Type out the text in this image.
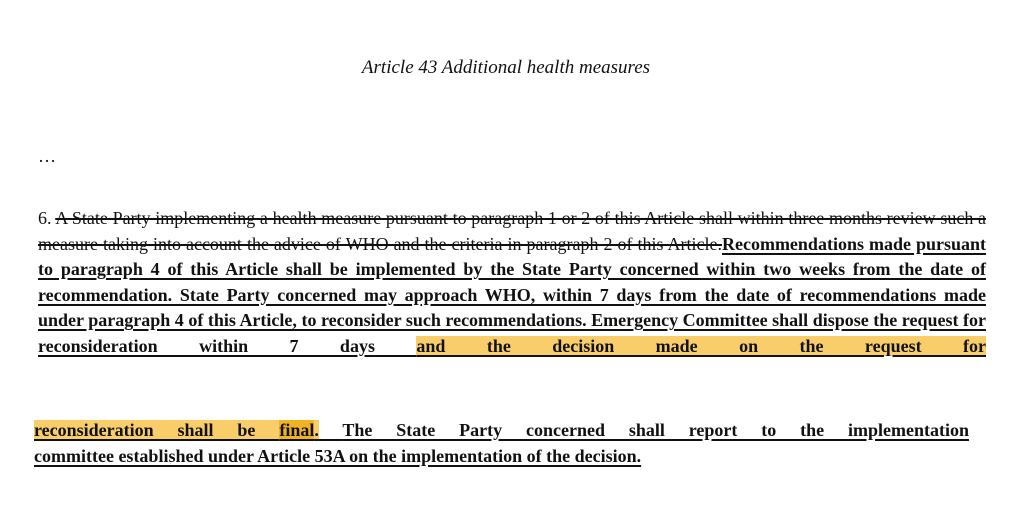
Article 43 Additional health measures
…
6. A State Party implementing a health measure pursuant to paragraph 1 or 2 of this Article shall within three months review such a measure taking into account the advice of WHO and the criteria in paragraph 2 of this Article.Recommendations made pursuant to paragraph 4 of this Article shall be implemented by the State Party concerned within two weeks from the date of recommendation. State Party concerned may approach WHO, within 7 days from the date of recommendations made under paragraph 4 of this Article, to reconsider such recommendations. Emergency Committee shall dispose the request for reconsideration within 7 days and the decision made on the request for
reconsideration shall be final. The State Party concerned shall report to the implementation
committee established under Article 53A on the implementation of the decision.
